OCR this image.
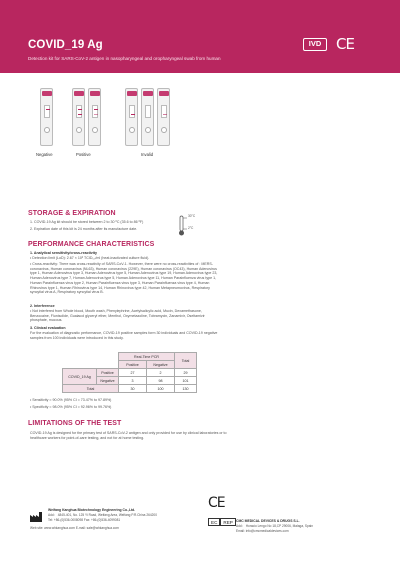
COVID_19 Ag
Detection kit for SARS-CoV-2 antigen in nasopharyngeal and oropharyngeal swab from human
IVD CE
Negative	Positive	Invalid
STORAGE & EXPIRATION
1. COVID-19 Ag kit should be stored between 2 to 30 ºC (35.6 to 86 ºF)
2. Expiration date of this kit is 24 months after its manufacture date.
30°C
2°C
PERFORMANCE CHARACTERISTICS
1. Analytical sensitivity/cross-reactivity
• Detection limit (LoD): 2.67 × 10² TCID₅₀/ml (heat-inactivated culture fluid).
• Cross-reactivity: There was cross-reactivity of SARS-CoV-1. However, there were no cross-reactivities of : MERS-coronavirus, Human coronavirus (NL63), Human coronavirus (229E), Human coronavirus (OC43), Human Adenovirus type 1, Human Adenovirus type 3, Human Adenovirus type 5, Human Adenovirus type 19, Human Adenovirus type 23, Human Adenovirus type 7, Human Adenovirus type 5, Human Adenovirus type 11, Human Parainfluenza virus type 1, Human Parainfluenza virus type 2, Human Parainfluenza virus type 3, Human Parainfluenza virus type 4, Human Rhinovirus type 1, Human Rhinovirus type 14, Human Rhinovirus type 42, Human Metapneumovirus, Respiratory syncytial virus A, Respiratory syncytial virus B.
2. Interference
• Not interfered from Whole blood, Mouth wash, Phenylephrine, Acetylsalicylic acid, Mucin, Dexamethasone, Benzocaine, Flunisolide, Guaiacol glyceryl ether, Menthol, Oxymetazoline, Tobramycin, Zanamivir, Oseltamivir phosphate, mucous.
3. Clinical evaluation
For the evaluation of diagnostic performance, COVID-19 positive samples form 30 individuals and COVID-19 negative samples from 100 individuals were introduced in this study.
		Real-Time PCR		Total
		Positive	Negative	
COVID_19 Ag	Positive	27	2	29
	Negative	3	98	101
Total		30	100	130
• Sensitivity = 90.0% (95% CI = 73.47% to 97.89%)
• Specificity = 98.0% (95% CI = 92.96% to 99.76%)
LIMITATIONS OF THE TEST
COVID-19 Ag is designed for the primary test of SARS-CoV-2 antigen and only provided for use by clinical laboratories or to healthcare workers for point-of-care testing, and not for at home testing.
Weifang Kanghua Biotechnology Engineering Co.,Ltd.
Add： 4845-401, No. 125 Yi Road, Weifang Area, Weifang P.R.China 264200
Tel: +86-(0)536-0008098 Fax: +86-(0)536-4099081
Web site: www.whkanghua.com E-mail: sale@whkanghua.com
CE
EC	REP CMC MEDICAL DEVICES & DRUGS S.L.
Add： Horacio Lengo No 18,CP 29006, Malaga, Spain
Email: info@cmcmedicaldevices.com
